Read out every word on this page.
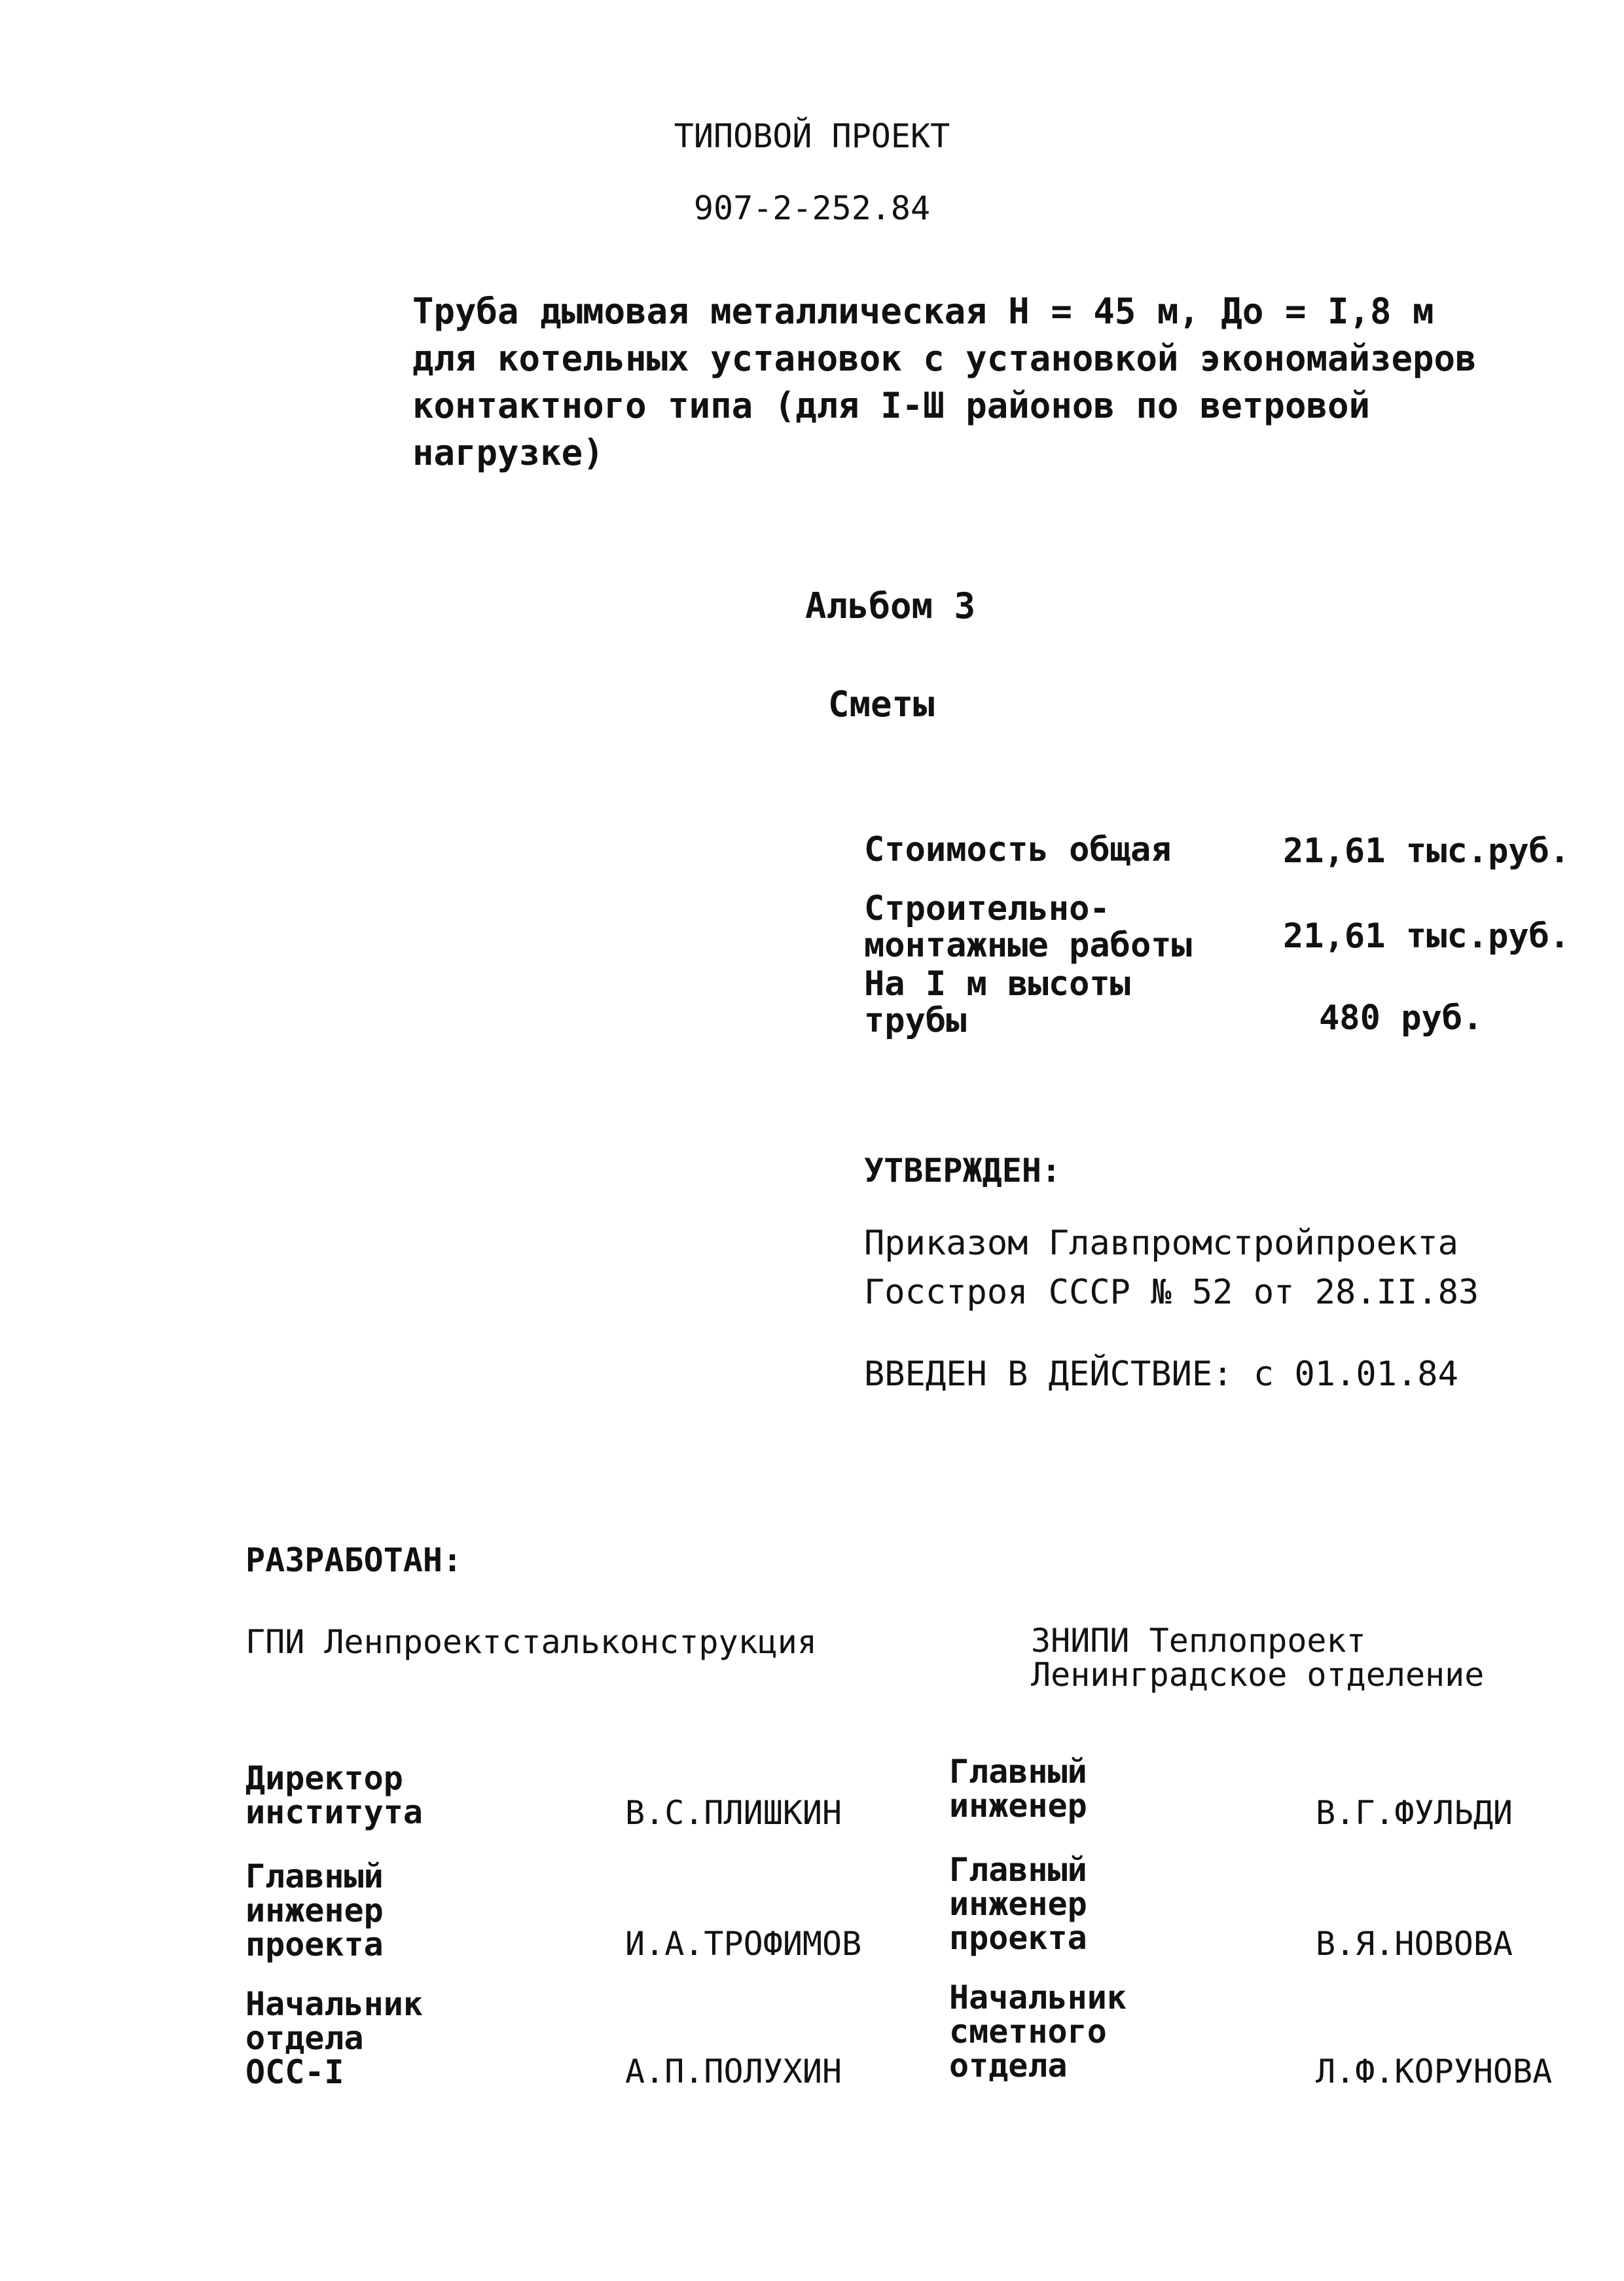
ТИПОВОЙ ПРОЕКТ
907-2-252.84
Труба дымовая металлическая Н = 45 м, До = I,8 м
для котельных установок с установкой экономайзеров
контактного типа (для I-Ш районов по ветровой
нагрузке)
Альбом 3
Сметы
Стоимость общая	21,61 тыс.руб.
Строительно-
монтажные работы	21,61 тыс.руб.
На I м высоты
трубы	480 руб.
УТВЕРЖДЕН:
Приказом Главпромстройпроекта
Госстроя СССР № 52 от 28.II.83
ВВЕДЕН В ДЕЙСТВИЕ: с 01.01.84
РАЗРАБОТАН:
ГПИ Ленпроектстальконструкция	ЗНИПИ Теплопроект
Ленинградское отделение
Директор
института	В.С.ПЛИШКИН
Главный
инженер
проекта	И.А.ТРОФИМОВ
Начальник
отдела
ОСС-I	А.П.ПОЛУХИН
Главный
инженер	В.Г.ФУЛЬДИ
Главный
инженер
проекта	В.Я.НОВОВА
Начальник
сметного
отдела	Л.Ф.КОРУНОВА
